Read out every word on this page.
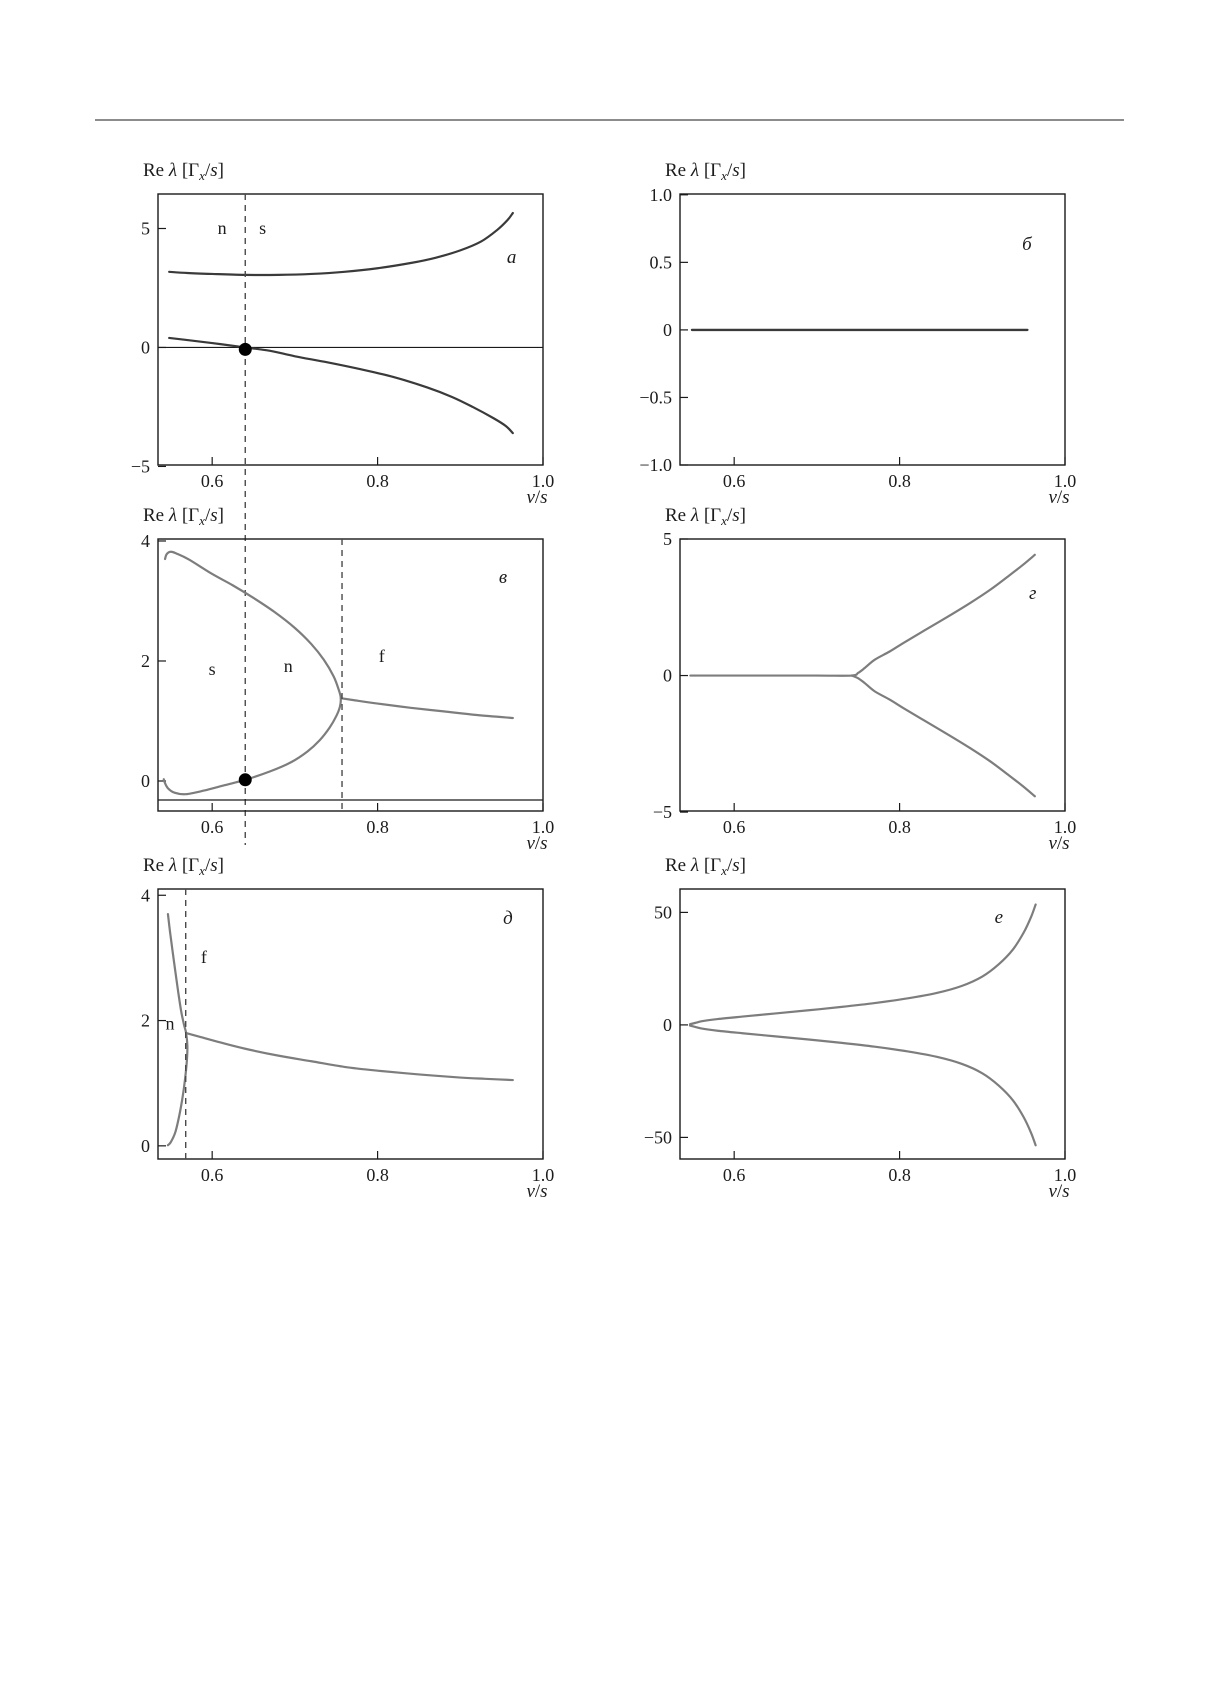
0.6	0.8	1.0
5
0
−5
n s
а
Re λ $[\Gamma_x/s]$
v/s
0.6	0.8	1.0
1.0
0.5
0
−0.5
−1.0
б
Re λ $[\Gamma_x/s]$
v/s
0.6	0.8	1.0
4
2
0
s	n	f
в
Re λ $[\Gamma_x/s]$
v/s
0.6	0.8	1.0
5
0
−5
г
Re λ $[\Gamma_x/s]$
v/s
0.6	0.8	1.0
4
2
0
n
f
д
Re λ $[\Gamma_x/s]$
v/s
0.6	0.8	1.0
50
0
−50
е
Re λ $[\Gamma_x/s]$
v/s
